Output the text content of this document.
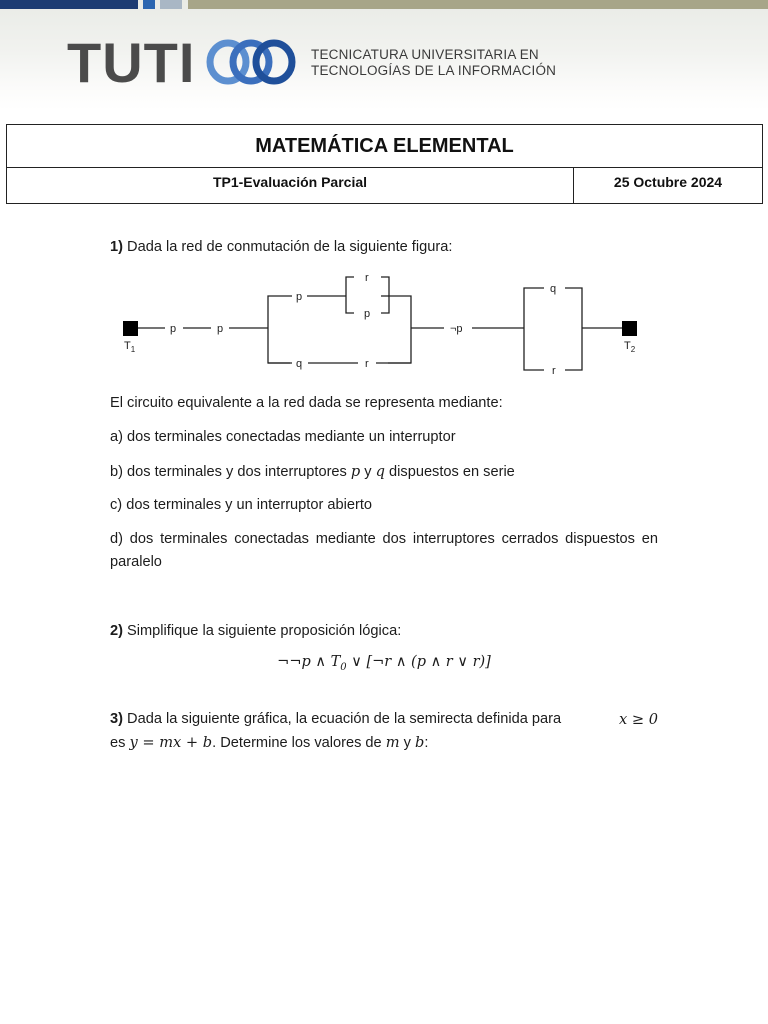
TUTI	TECNICATURA UNIVERSITARIA EN
TECNOLOGÍAS DE LA INFORMACIÓN
MATEMÁTICA ELEMENTAL
TP1-Evaluación Parcial	25 Octubre 2024
1) Dada la red de conmutación de la siguiente figura:
$T_1$	$T_2$
p	p
p
r
p
q	r
¬p
q
r
El circuito equivalente a la red dada se representa mediante:
a) dos terminales conectadas mediante un interruptor
b) dos terminales y dos interruptores p y q dispuestos en serie
c) dos terminales y un interruptor abierto
d) dos terminales conectadas mediante dos interruptores cerrados dispuestos en paralelo
2) Simplifique la siguiente proposición lógica:
¬¬p ∧ $T_0$ ∨ [¬r ∧ (p ∧ r ∨ r)]
3) Dada la siguiente gráfica, la ecuación de la semirecta definida para	x ≥ 0
es y = mx + b. Determine los valores de m y b:
